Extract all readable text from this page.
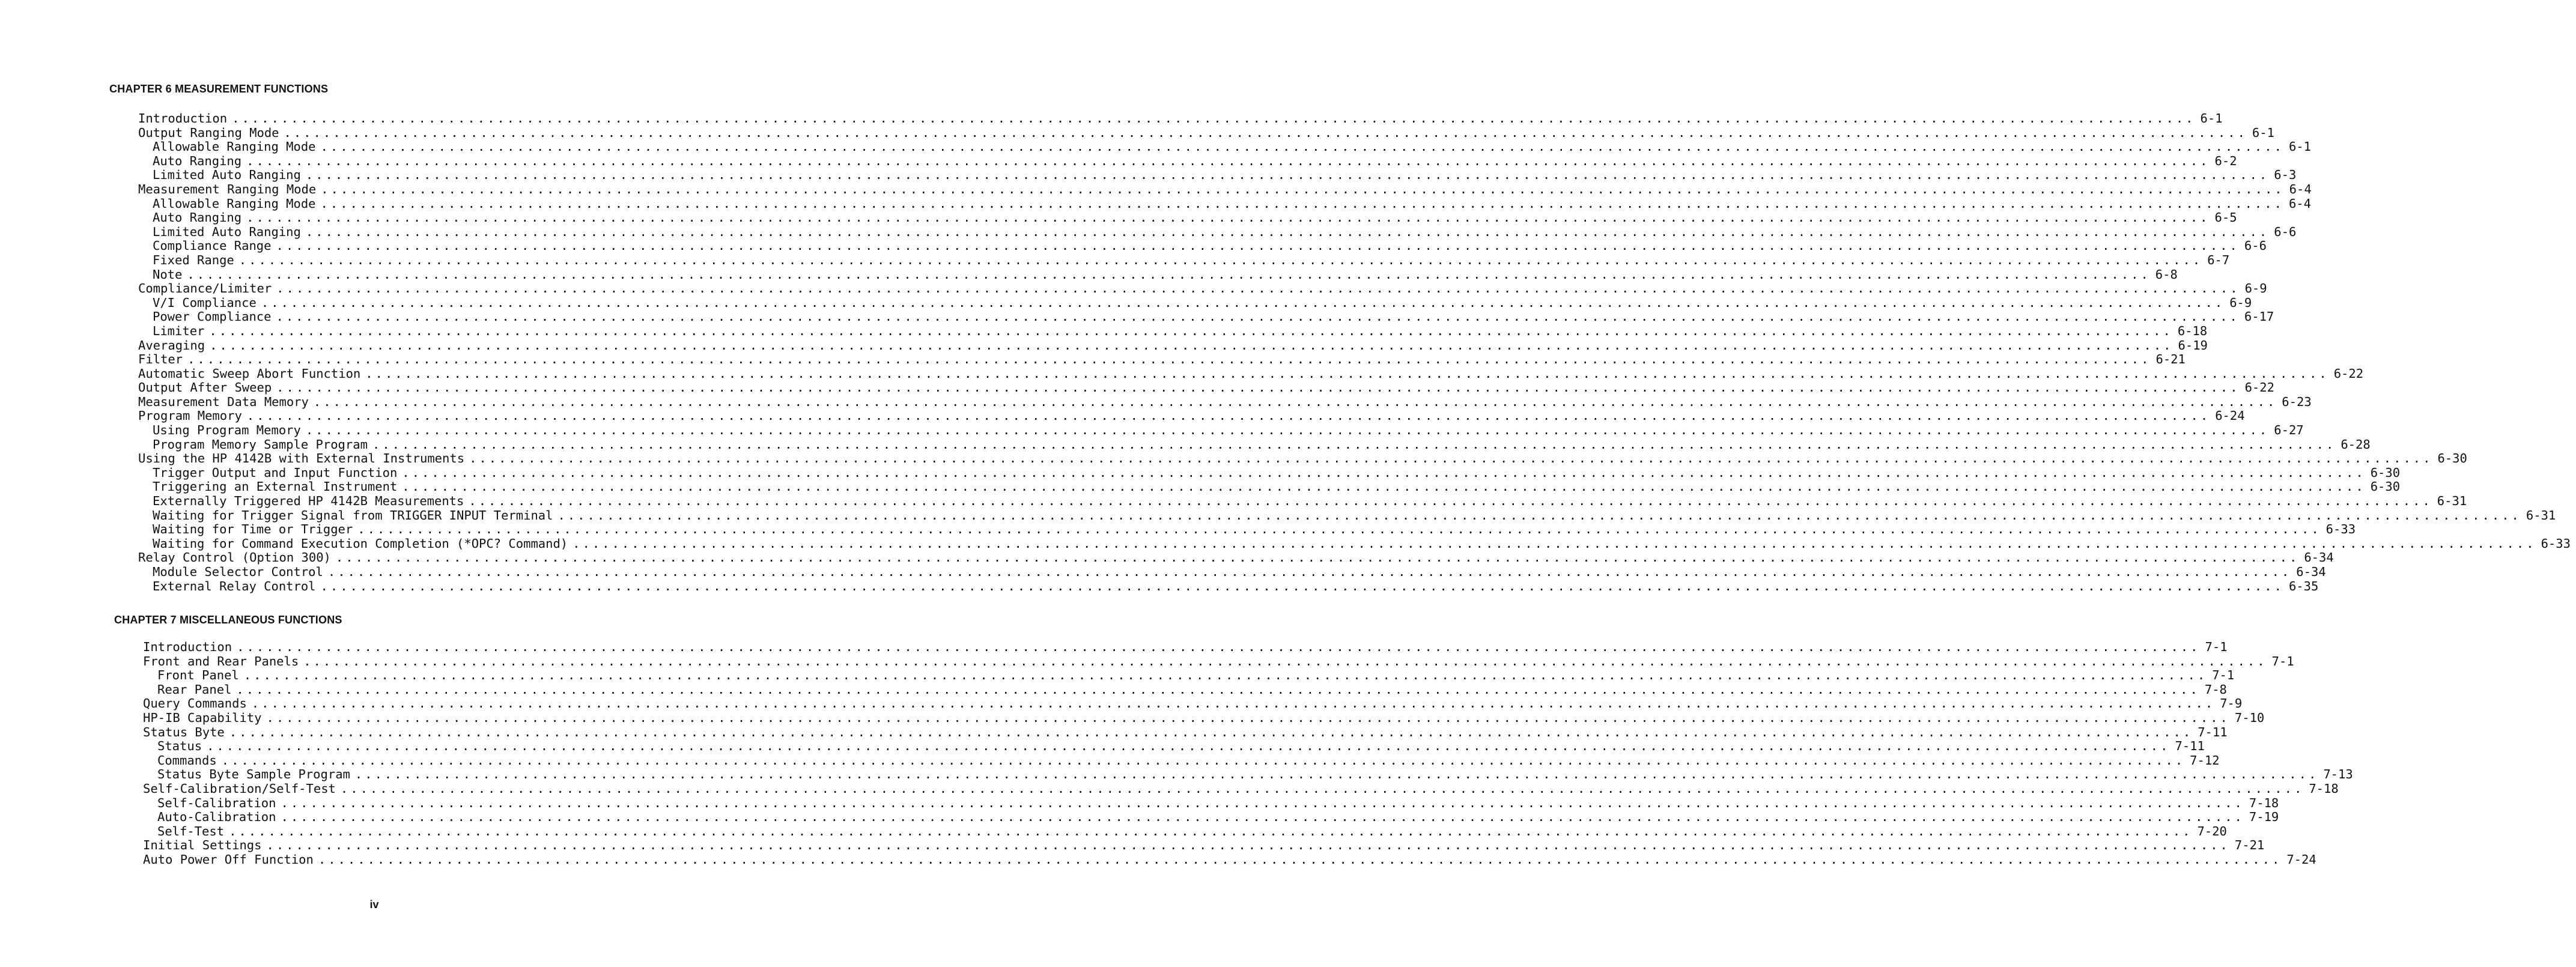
CHAPTER 6 MEASUREMENT FUNCTIONS
Introduction ........................................................................................................................................................................................................ 6-1
Output Ranging Mode ........................................................................................................................................................................................................ 6-1
Allowable Ranging Mode ........................................................................................................................................................................................................ 6-1
Auto Ranging ........................................................................................................................................................................................................ 6-2
Limited Auto Ranging ........................................................................................................................................................................................................ 6-3
Measurement Ranging Mode ........................................................................................................................................................................................................ 6-4
Allowable Ranging Mode ........................................................................................................................................................................................................ 6-4
Auto Ranging ........................................................................................................................................................................................................ 6-5
Limited Auto Ranging ........................................................................................................................................................................................................ 6-6
Compliance Range ........................................................................................................................................................................................................ 6-6
Fixed Range ........................................................................................................................................................................................................ 6-7
Note ........................................................................................................................................................................................................ 6-8
Compliance/Limiter ........................................................................................................................................................................................................ 6-9
V/I Compliance ........................................................................................................................................................................................................ 6-9
Power Compliance ........................................................................................................................................................................................................ 6-17
Limiter ........................................................................................................................................................................................................ 6-18
Averaging ........................................................................................................................................................................................................ 6-19
Filter ........................................................................................................................................................................................................ 6-21
Automatic Sweep Abort Function ........................................................................................................................................................................................................ 6-22
Output After Sweep ........................................................................................................................................................................................................ 6-22
Measurement Data Memory ........................................................................................................................................................................................................ 6-23
Program Memory ........................................................................................................................................................................................................ 6-24
Using Program Memory ........................................................................................................................................................................................................ 6-27
Program Memory Sample Program ........................................................................................................................................................................................................ 6-28
Using the HP 4142B with External Instruments ........................................................................................................................................................................................................ 6-30
Trigger Output and Input Function ........................................................................................................................................................................................................ 6-30
Triggering an External Instrument ........................................................................................................................................................................................................ 6-30
Externally Triggered HP 4142B Measurements ........................................................................................................................................................................................................ 6-31
Waiting for Trigger Signal from TRIGGER INPUT Terminal ........................................................................................................................................................................................................ 6-31
Waiting for Time or Trigger ........................................................................................................................................................................................................ 6-33
Waiting for Command Execution Completion (*OPC? Command) ........................................................................................................................................................................................................ 6-33
Relay Control (Option 300) ........................................................................................................................................................................................................ 6-34
Module Selector Control ........................................................................................................................................................................................................ 6-34
External Relay Control ........................................................................................................................................................................................................ 6-35
CHAPTER 7 MISCELLANEOUS FUNCTIONS
Introduction ........................................................................................................................................................................................................ 7-1
Front and Rear Panels ........................................................................................................................................................................................................ 7-1
Front Panel ........................................................................................................................................................................................................ 7-1
Rear Panel ........................................................................................................................................................................................................ 7-8
Query Commands ........................................................................................................................................................................................................ 7-9
HP-IB Capability ........................................................................................................................................................................................................ 7-10
Status Byte ........................................................................................................................................................................................................ 7-11
Status ........................................................................................................................................................................................................ 7-11
Commands ........................................................................................................................................................................................................ 7-12
Status Byte Sample Program ........................................................................................................................................................................................................ 7-13
Self-Calibration/Self-Test ........................................................................................................................................................................................................ 7-18
Self-Calibration ........................................................................................................................................................................................................ 7-18
Auto-Calibration ........................................................................................................................................................................................................ 7-19
Self-Test ........................................................................................................................................................................................................ 7-20
Initial Settings ........................................................................................................................................................................................................ 7-21
Auto Power Off Function ........................................................................................................................................................................................................ 7-24

iv
